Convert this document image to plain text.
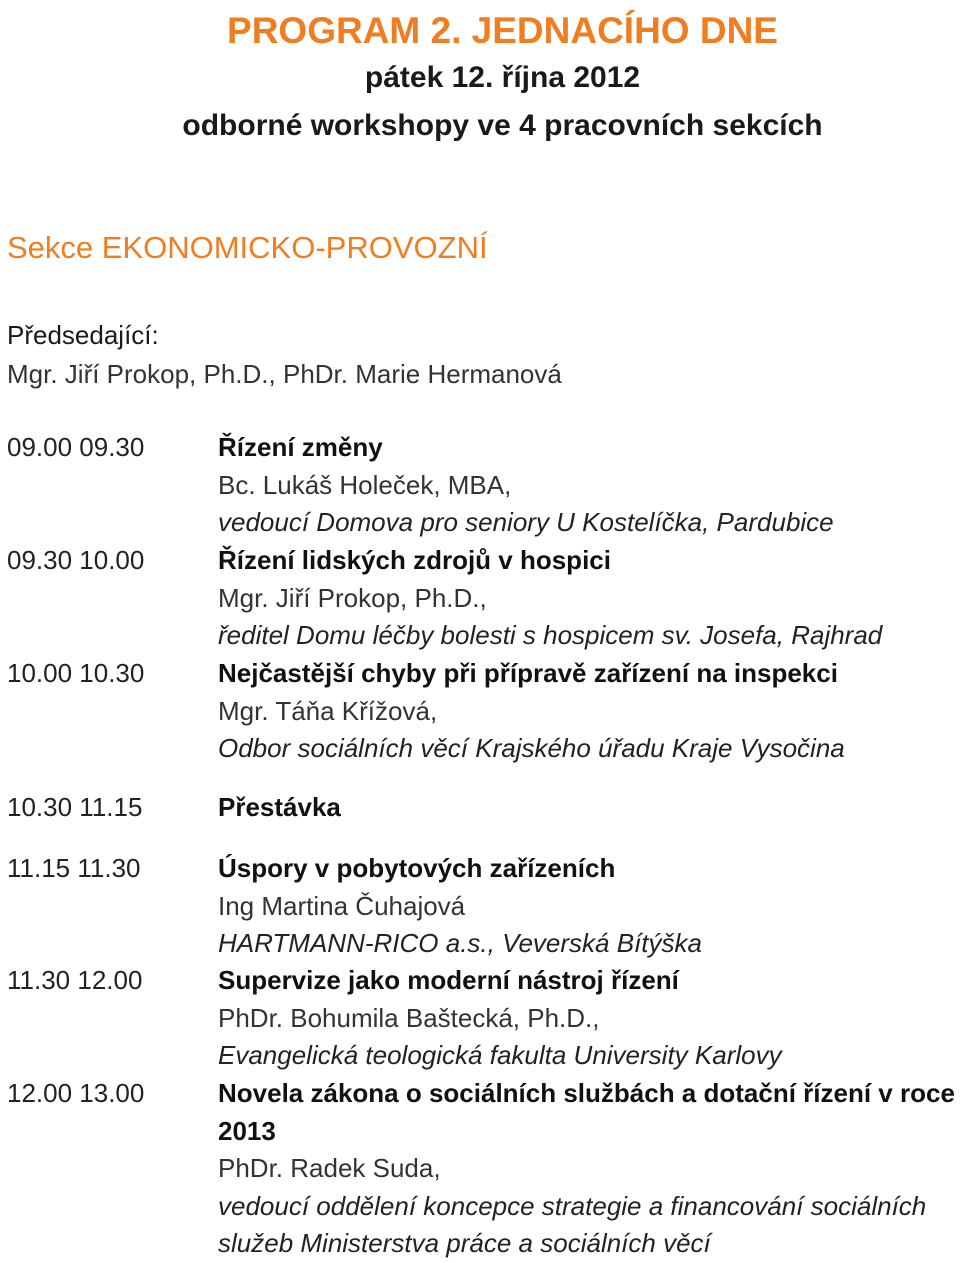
PROGRAM 2. JEDNACÍHO DNE
pátek 12. října 2012
odborné workshopy ve 4 pracovních sekcích
Sekce EKONOMICKO-PROVOZNÍ
Předsedající:
Mgr. Jiří Prokop, Ph.D., PhDr. Marie Hermanová
09.00 09.30	Řízení změny
Bc. Lukáš Holeček, MBA,
vedoucí Domova pro seniory U Kostelíčka, Pardubice
09.30 10.00	Řízení lidských zdrojů v hospici
Mgr. Jiří Prokop, Ph.D.,
ředitel Domu léčby bolesti s hospicem sv. Josefa, Rajhrad
10.00 10.30	Nejčastější chyby při přípravě zařízení na inspekci
Mgr. Táňa Křížová,
Odbor sociálních věcí Krajského úřadu Kraje Vysočina
10.30 11.15	Přestávka
11.15 11.30	Úspory v pobytových zařízeních
Ing Martina Čuhajová
HARTMANN-RICO a.s., Veverská Bítýška
11.30 12.00	Supervize jako moderní nástroj řízení
PhDr. Bohumila Baštecká, Ph.D.,
Evangelická teologická fakulta University Karlovy
12.00 13.00	Novela zákona o sociálních službách a dotační řízení v roce
2013
PhDr. Radek Suda,
vedoucí oddělení koncepce strategie a financování sociálních
služeb Ministerstva práce a sociálních věcí
